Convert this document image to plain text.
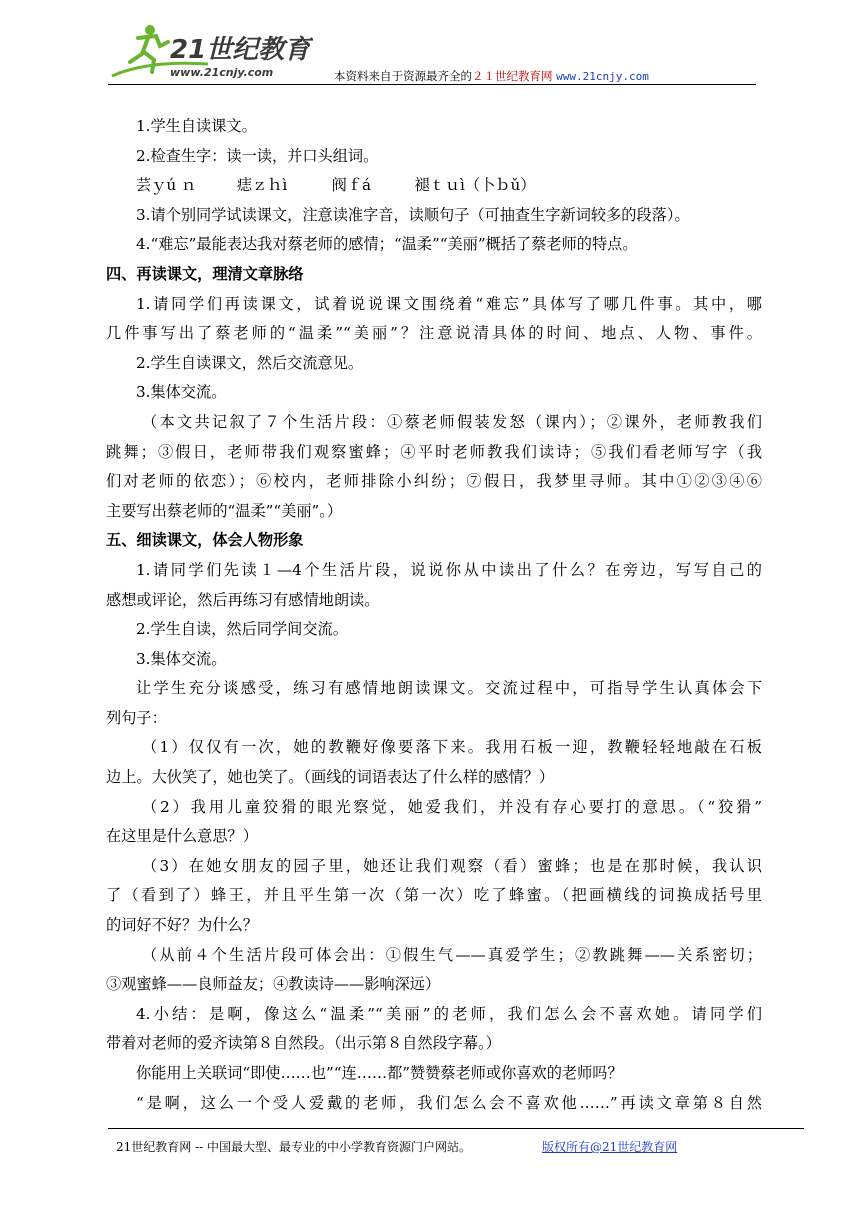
21世纪教育
www.21cnjy.com	本资料来自于资源最齐全的２１世纪教育网 www.21cnjy.com
1.学生自读课文。
2.检查生字：读一读，并口头组词。
芸ｙú ｎ	痣ｚｈì	阀ｆá	褪ｔｕì（卜ｂǔ）
3.请个别同学试读课文，注意读准字音，读顺句子（可抽查生字新词较多的段落）。
4.“难忘”最能表达我对蔡老师的感情；“温柔”“美丽”概括了蔡老师的特点。
四、再读课文，理清文章脉络
1.请同学们再读课文，试着说说课文围绕着“难忘”具体写了哪几件事。其中，哪
几件事写出了蔡老师的“温柔”“美丽”？注意说清具体的时间、地点、人物、事件。
2.学生自读课文，然后交流意见。
3.集体交流。
（本文共记叙了７个生活片段：①蔡老师假装发怒（课内）；②课外，老师教我们
跳舞；③假日，老师带我们观察蜜蜂；④平时老师教我们读诗；⑤我们看老师写字（我
们对老师的依恋）；⑥校内，老师排除小纠纷；⑦假日，我梦里寻师。其中①②③④⑥
主要写出蔡老师的“温柔”“美丽”。）
五、细读课文，体会人物形象
1.请同学们先读１—4个生活片段，说说你从中读出了什么？在旁边，写写自己的
感想或评论，然后再练习有感情地朗读。
2.学生自读，然后同学间交流。
3.集体交流。
让学生充分谈感受，练习有感情地朗读课文。交流过程中，可指导学生认真体会下
列句子：
（1）仅仅有一次，她的教鞭好像要落下来。我用石板一迎，教鞭轻轻地敲在石板
边上。大伙笑了，她也笑了。（画线的词语表达了什么样的感情？）
（2）我用儿童狡猾的眼光察觉，她爱我们，并没有存心要打的意思。（“狡猾”
在这里是什么意思？）
（3）在她女朋友的园子里，她还让我们观察（看）蜜蜂；也是在那时候，我认识
了（看到了）蜂王，并且平生第一次（第一次）吃了蜂蜜。（把画横线的词换成括号里
的词好不好？为什么？
（从前４个生活片段可体会出：①假生气——真爱学生；②教跳舞——关系密切；
③观蜜蜂——良师益友；④教读诗——影响深远）
4.小结：是啊，像这么“温柔”“美丽”的老师，我们怎么会不喜欢她。请同学们
带着对老师的爱齐读第８自然段。（出示第８自然段字幕。）
你能用上关联词“即使……也”“连……都”赞赞蔡老师或你喜欢的老师吗？
“是啊，这么一个受人爱戴的老师，我们怎么会不喜欢他……”再读文章第８自然
21世纪教育网 -- 中国最大型、最专业的中小学教育资源门户网站。	版权所有@21世纪教育网
